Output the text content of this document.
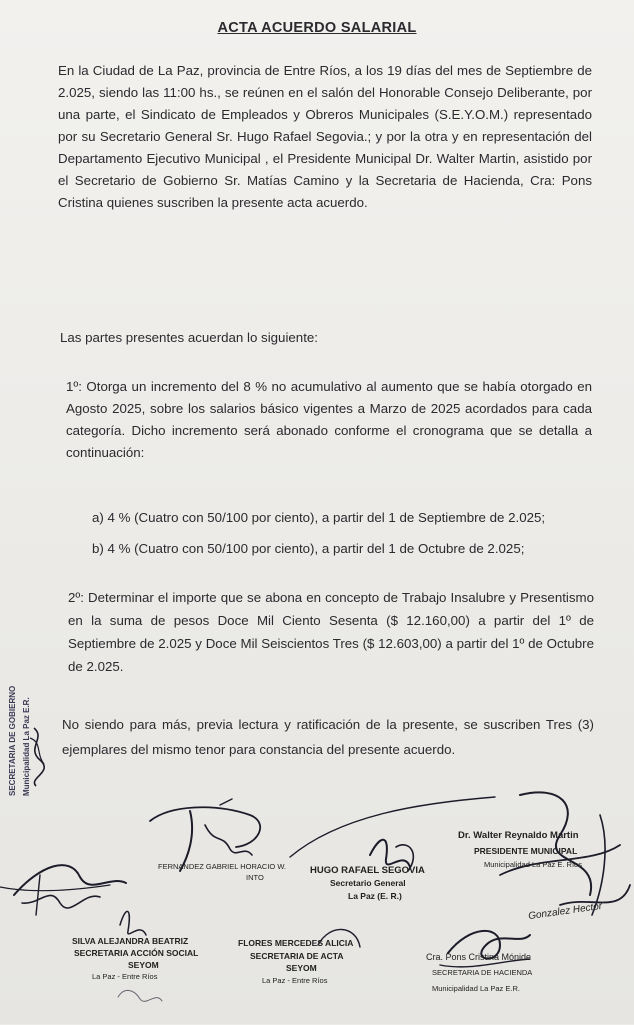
ACTA ACUERDO SALARIAL
En la Ciudad de La Paz, provincia de Entre Ríos, a los 19 días del mes de Septiembre de 2.025, siendo las 11:00 hs., se reúnen en el salón del Honorable Consejo Deliberante, por una parte, el Sindicato de Empleados y Obreros Municipales (S.E.Y.O.M.) representado por su Secretario General Sr. Hugo Rafael Segovia.; y por la otra y en representación del Departamento Ejecutivo Municipal , el Presidente Municipal Dr. Walter Martin, asistido por el Secretario de Gobierno Sr. Matías Camino y la Secretaria de Hacienda, Cra: Pons Cristina quienes suscriben la presente acta acuerdo.
Las partes presentes acuerdan lo siguiente:
1º: Otorga un incremento del 8 % no acumulativo al aumento que se había otorgado en Agosto 2025, sobre los salarios básico vigentes a Marzo de 2025 acordados para cada categoría. Dicho incremento será abonado conforme el cronograma que se detalla a continuación:
a) 4 % (Cuatro con 50/100 por ciento), a partir del 1 de Septiembre de 2.025;
b) 4 % (Cuatro con 50/100 por ciento), a partir del 1 de Octubre de 2.025;
2º: Determinar el importe que se abona en concepto de Trabajo Insalubre y Presentismo en la suma de pesos Doce Mil Ciento Sesenta ($ 12.160,00) a partir del 1º de Septiembre de 2.025 y Doce Mil Seiscientos Tres ($ 12.603,00) a partir del 1º de Octubre de 2.025.
No siendo para más, previa lectura y ratificación de la presente, se suscriben Tres (3) ejemplares del mismo tenor para constancia del presente acuerdo.
SECRETARIA DE GOBIERNO Municipalidad La Paz E.R.
FERNANDEZ GABRIEL HORACIO W.
INTO
HUGO RAFAEL SEGOVIA
Secretario General
La Paz (E. R.)
Dr. Walter Reynaldo Martin
PRESIDENTE MUNICIPAL
Municipalidad La Paz E. Ríos
SILVA ALEJANDRA BEATRIZ
SECRETARIA ACCIÓN SOCIAL
SEYOM
La Paz - Entre Ríos
FLORES MERCEDES ALICIA
SECRETARIA DE ACTA
SEYOM
La Paz - Entre Ríos
Cra. Pons Cristina Mónide
SECRETARIA DE HACIENDA
Municipalidad La Paz E.R.
Gonzalez Hector
